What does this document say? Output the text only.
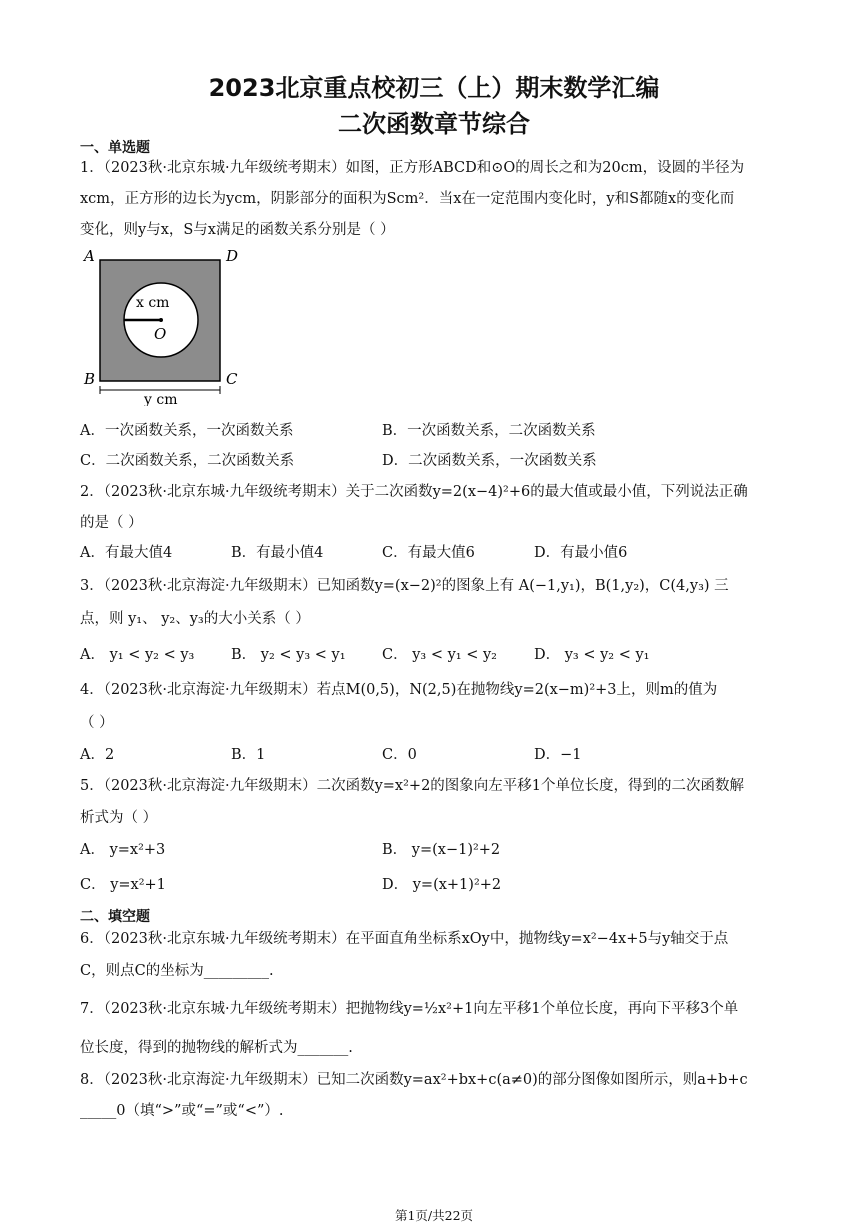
2023北京重点校初三（上）期末数学汇编
二次函数章节综合
一、单选题
1．（2023秋·北京东城·九年级统考期末）如图，正方形ABCD和⊙O的周长之和为20cm，设圆的半径为
xcm，正方形的边长为ycm，阴影部分的面积为Scm²．当x在一定范围内变化时，y和S都随x的变化而
变化，则y与x，S与x满足的函数关系分别是（ ）
A	D
B	C
O
x cm
y cm
A．一次函数关系，一次函数关系	B．一次函数关系，二次函数关系
C．二次函数关系，二次函数关系	D．二次函数关系，一次函数关系
2．（2023秋·北京东城·九年级统考期末）关于二次函数y=2(x−4)²+6的最大值或最小值，下列说法正确
的是（ ）
A．有最大值4	B．有最小值4	C．有最大值6	D．有最小值6
3．（2023秋·北京海淀·九年级期末）已知函数y=(x−2)²的图象上有 A(−1,y₁)，B(1,y₂)，C(4,y₃) 三
点，则 y₁、 y₂、y₃的大小关系（ ）
A． y₁ < y₂ < y₃	B． y₂ < y₃ < y₁	C． y₃ < y₁ < y₂	D． y₃ < y₂ < y₁
4．（2023秋·北京海淀·九年级期末）若点M(0,5)，N(2,5)在抛物线y=2(x−m)²+3上，则m的值为
（ ）
A．2	B．1	C．0	D．−1
5．（2023秋·北京海淀·九年级期末）二次函数y=x²+2的图象向左平移1个单位长度，得到的二次函数解
析式为（ ）
A． y=x²+3	B． y=(x−1)²+2
C． y=x²+1	D． y=(x+1)²+2
二、填空题
6．（2023秋·北京东城·九年级统考期末）在平面直角坐标系xOy中，抛物线y=x²−4x+5与y轴交于点
C，则点C的坐标为_________.
7．（2023秋·北京东城·九年级统考期末）把抛物线y=½x²+1向左平移1个单位长度，再向下平移3个单
位长度，得到的抛物线的解析式为_______.
8．（2023秋·北京海淀·九年级期末）已知二次函数y=ax²+bx+c(a≠0)的部分图像如图所示，则a+b+c
_____0（填“>”或“=”或“<”）.
第1页/共22页
